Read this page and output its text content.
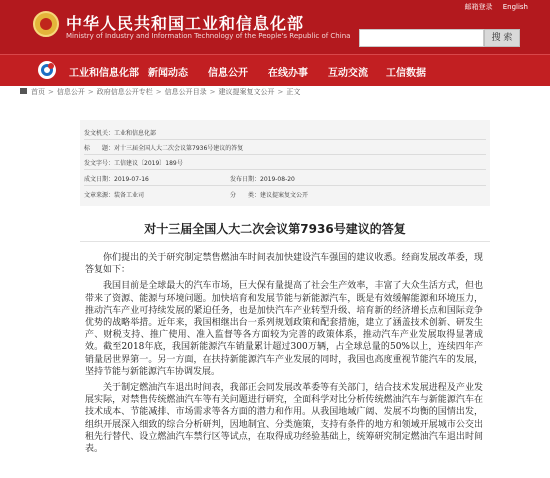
中华人民共和国工业和信息化部
Ministry of Industry and Information Technology of the People's Republic of China
邮箱登录 English
搜 索
工业和信息化部 新闻动态 信息公开 在线办事 互动交流 工信数据
首页 > 信息公开 > 政府信息公开专栏 > 信息公开目录 > 建议提案复文公开 > 正文
发文机关：工业和信息化部
标　　题：对十三届全国人大二次会议第7936号建议的答复
发文字号：工信建议〔2019〕189号
成文日期：2019-07-16	发布日期：2019-08-20
文章来源：装备工业司	分　　类：建议提案复文公开
对十三届全国人大二次会议第7936号建议的答复

你们提出的关于研究制定禁售燃油车时间表加快建设汽车强国的建议收悉。经商发展改革委，现答复如下：

我国目前是全球最大的汽车市场，巨大保有量提高了社会生产效率，丰富了大众生活方式，但也带来了资源、能源与环境问题。加快培育和发展节能与新能源汽车，既是有效缓解能源和环境压力，推动汽车产业可持续发展的紧迫任务，也是加快汽车产业转型升级、培育新的经济增长点和国际竞争优势的战略举措。近年来，我国相继出台一系列规划政策和配套措施，建立了涵盖技术创新、研发生产、财税支持、推广使用、准入监督等各方面较为完善的政策体系，推动汽车产业发展取得显著成效。截至2018年底，我国新能源汽车销量累计超过300万辆，占全球总量的50%以上，连续四年产销量居世界第一。另一方面，在扶持新能源汽车产业发展的同时，我国也高度重视节能汽车的发展，坚持节能与新能源汽车协调发展。

关于制定燃油汽车退出时间表，我部正会同发展改革委等有关部门，结合技术发展进程及产业发展实际，对禁售传统燃油汽车等有关问题进行研究，全面科学对比分析传统燃油汽车与新能源汽车在技术成本、节能减排、市场需求等各方面的潜力和作用。从我国地域广阔、发展不均衡的国情出发，组织开展深入细致的综合分析研判，因地制宜、分类施策，支持有条件的地方和领域开展城市公交出租先行替代、设立燃油汽车禁行区等试点，在取得成功经验基础上，统筹研究制定燃油汽车退出时间表。
